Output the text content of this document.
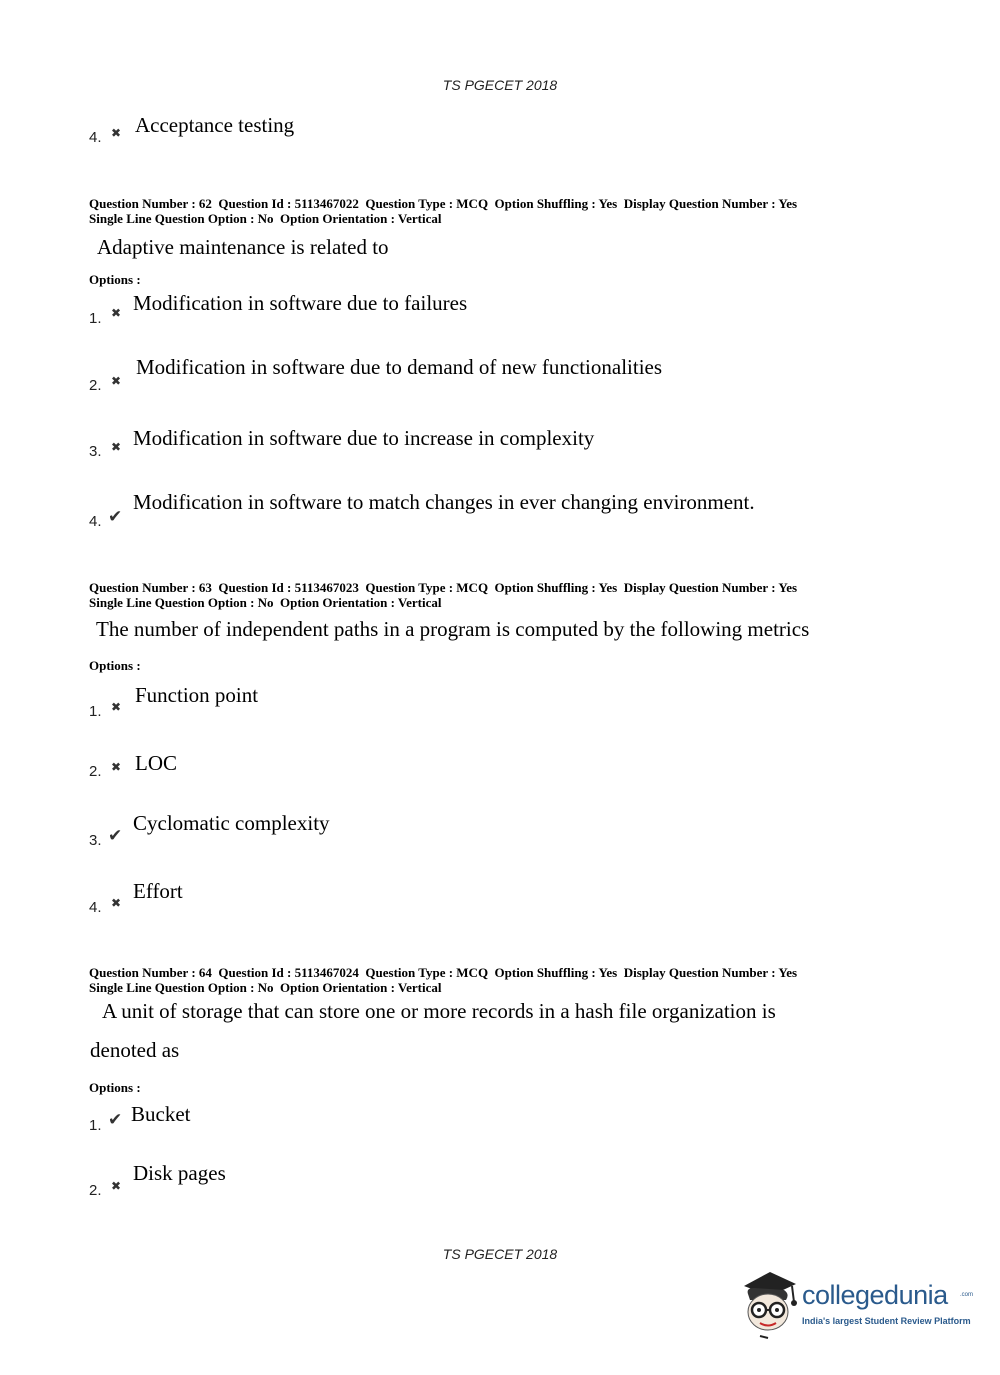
TS PGECET 2018
4. ✖ Acceptance testing
Question Number : 62  Question Id : 5113467022  Question Type : MCQ  Option Shuffling : Yes  Display Question Number : Yes
Single Line Question Option : No  Option Orientation : Vertical
Adaptive maintenance is related to
Options :
1. ✖ Modification in software due to failures
2. ✖
Modification in software due to demand of new functionalities
3. ✖ Modification in software due to increase in complexity
4. ✔
Modification in software to match changes in ever changing environment.
Question Number : 63  Question Id : 5113467023  Question Type : MCQ  Option Shuffling : Yes  Display Question Number : Yes
Single Line Question Option : No  Option Orientation : Vertical
The number of independent paths in a program is computed by the following metrics
Options :
1. ✖ Function point
2. ✖ LOC
3. ✔
Cyclomatic complexity
4. ✖ Effort
Question Number : 64  Question Id : 5113467024  Question Type : MCQ  Option Shuffling : Yes  Display Question Number : Yes
Single Line Question Option : No  Option Orientation : Vertical
A unit of storage that can store one or more records in a hash file organization is
denoted as
Options :
1. ✔ Bucket
2. ✖
Disk pages
TS PGECET 2018
collegedunia .com
India's largest Student Review Platform
